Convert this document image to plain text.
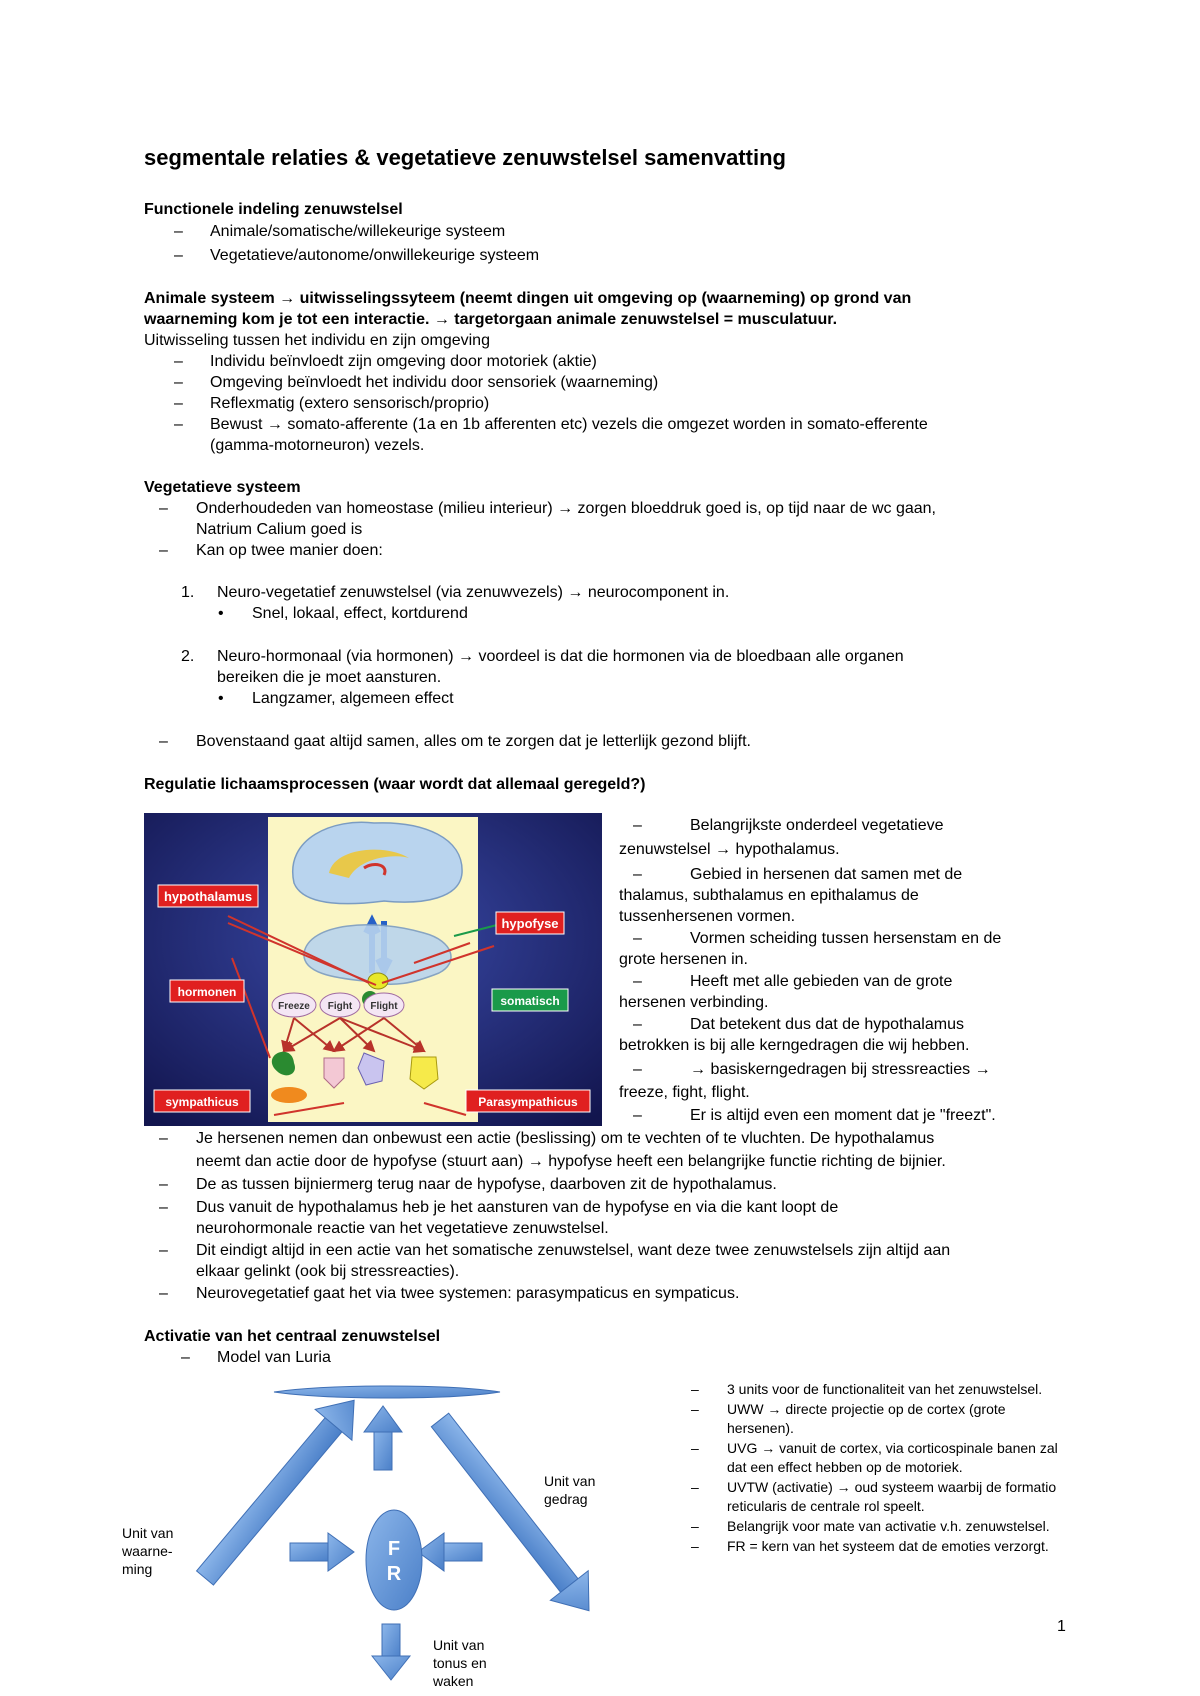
segmentale relaties & vegetatieve zenuwstelsel samenvatting
Functionele indeling zenuwstelsel
– Animale/somatische/willekeurige systeem
– Vegetatieve/autonome/onwillekeurige systeem
Animale systeem → uitwisselingssyteem (neemt dingen uit omgeving op (waarneming) op grond van
waarneming kom je tot een interactie. → targetorgaan animale zenuwstelsel = musculatuur.
Uitwisseling tussen het individu en zijn omgeving
– Individu beïnvloedt zijn omgeving door motoriek (aktie)
– Omgeving beïnvloedt het individu door sensoriek (waarneming)
– Reflexmatig (extero sensorisch/proprio)
– Bewust → somato-afferente (1a en 1b afferenten etc) vezels die omgezet worden in somato-efferente
(gamma-motorneuron) vezels.
Vegetatieve systeem
– Onderhoudeden van homeostase (milieu interieur) → zorgen bloeddruk goed is, op tijd naar de wc gaan,
Natrium Calium goed is
– Kan op twee manier doen:
1. Neuro-vegetatief zenuwstelsel (via zenuwvezels) → neurocomponent in.
• Snel, lokaal, effect, kortdurend
2. Neuro-hormonaal (via hormonen) → voordeel is dat die hormonen via de bloedbaan alle organen
bereiken die je moet aansturen.
• Langzamer, algemeen effect
– Bovenstaand gaat altijd samen, alles om te zorgen dat je letterlijk gezond blijft.
Regulatie lichaamsprocessen (waar wordt dat allemaal geregeld?)
Freeze Fight Flight
hypothalamus
hypofyse
hormonen
somatisch
sympathicus	Parasympathicus
–	Belangrijkste onderdeel vegetatieve
zenuwstelsel → hypothalamus.
–	Gebied in hersenen dat samen met de
thalamus, subthalamus en epithalamus de
tussenhersenen vormen.
–	Vormen scheiding tussen hersenstam en de
grote hersenen in.
–	Heeft met alle gebieden van de grote
hersenen verbinding.
–	Dat betekent dus dat de hypothalamus
betrokken is bij alle kerngedragen die wij hebben.
–	→ basiskerngedragen bij stressreacties →
freeze, fight, flight.
–	Er is altijd even een moment dat je "freezt".
– Je hersenen nemen dan onbewust een actie (beslissing) om te vechten of te vluchten. De hypothalamus
neemt dan actie door de hypofyse (stuurt aan) → hypofyse heeft een belangrijke functie richting de bijnier.
– De as tussen bijniermerg terug naar de hypofyse, daarboven zit de hypothalamus.
– Dus vanuit de hypothalamus heb je het aansturen van de hypofyse en via die kant loopt de
neurohormonale reactie van het vegetatieve zenuwstelsel.
– Dit eindigt altijd in een actie van het somatische zenuwstelsel, want deze twee zenuwstelsels zijn altijd aan
elkaar gelinkt (ook bij stressreacties).
– Neurovegetatief gaat het via twee systemen: parasympaticus en sympaticus.
Activatie van het centraal zenuwstelsel
– Model van Luria
F
R
Unit van
waarne-
ming
Unit van
gedrag
Unit van
tonus en
waken
– 3 units voor de functionaliteit van het zenuwstelsel.
– UWW → directe projectie op de cortex (grote
hersenen).
– UVG → vanuit de cortex, via corticospinale banen zal
dat een effect hebben op de motoriek.
– UVTW (activatie) → oud systeem waarbij de formatio
reticularis de centrale rol speelt.
– Belangrijk voor mate van activatie v.h. zenuwstelsel.
– FR = kern van het systeem dat de emoties verzorgt.
1
